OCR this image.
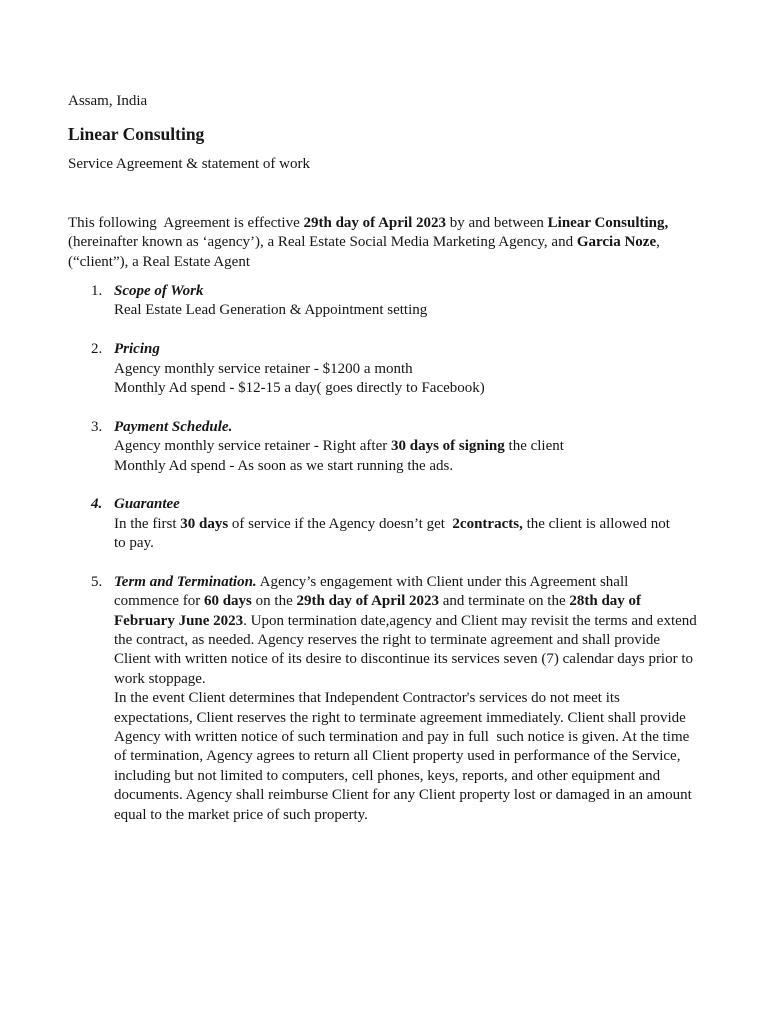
Assam, India
Linear Consulting
Service Agreement & statement of work
This following  Agreement is effective 29th day of April 2023 by and between Linear Consulting,
(hereinafter known as ‘agency’), a Real Estate Social Media Marketing Agency, and Garcia Noze,
(“client”), a Real Estate Agent
1. Scope of Work
Real Estate Lead Generation & Appointment setting
2. Pricing
Agency monthly service retainer - $1200 a month
Monthly Ad spend - $12-15 a day( goes directly to Facebook)
3. Payment Schedule.
Agency monthly service retainer - Right after 30 days of signing the client
Monthly Ad spend - As soon as we start running the ads.
4. Guarantee
In the first 30 days of service if the Agency doesn’t get  2contracts, the client is allowed not
to pay.
5. Term and Termination. Agency’s engagement with Client under this Agreement shall
commence for 60 days on the 29th day of April 2023 and terminate on the 28th day of
February June 2023. Upon termination date,agency and Client may revisit the terms and extend
the contract, as needed. Agency reserves the right to terminate agreement and shall provide
Client with written notice of its desire to discontinue its services seven (7) calendar days prior to
work stoppage.
In the event Client determines that Independent Contractor's services do not meet its
expectations, Client reserves the right to terminate agreement immediately. Client shall provide
Agency with written notice of such termination and pay in full  such notice is given. At the time
of termination, Agency agrees to return all Client property used in performance of the Service,
including but not limited to computers, cell phones, keys, reports, and other equipment and
documents. Agency shall reimburse Client for any Client property lost or damaged in an amount
equal to the market price of such property.
